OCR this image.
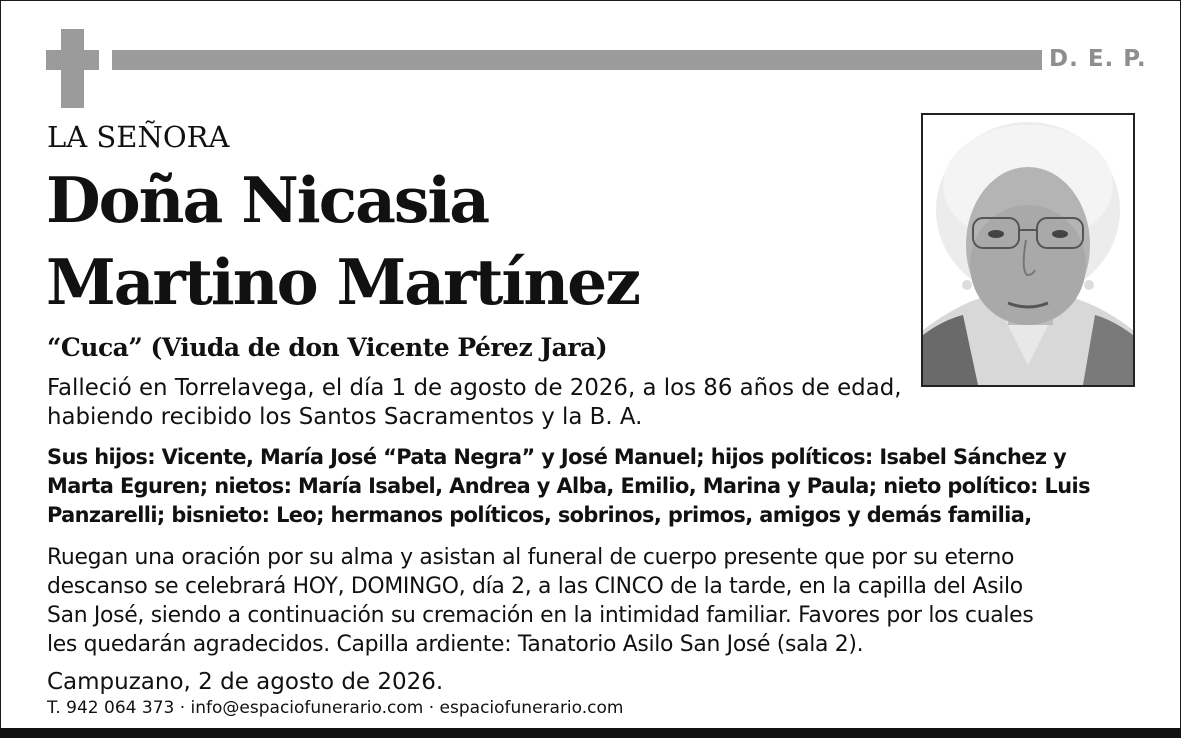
D. E. P.
LA SEÑORA
Doña Nicasia
Martino Martínez
“Cuca” (Viuda de don Vicente Pérez Jara)
Falleció en Torrelavega, el día 1 de agosto de 2026, a los 86 años de edad,
habiendo recibido los Santos Sacramentos y la B. A.
Sus hijos: Vicente, María José “Pata Negra” y José Manuel; hijos políticos: Isabel Sánchez y
Marta Eguren; nietos: María Isabel, Andrea y Alba, Emilio, Marina y Paula; nieto político: Luis
Panzarelli; bisnieto: Leo; hermanos políticos, sobrinos, primos, amigos y demás familia,
Ruegan una oración por su alma y asistan al funeral de cuerpo presente que por su eterno
descanso se celebrará HOY, DOMINGO, día 2, a las CINCO de la tarde, en la capilla del Asilo
San José, siendo a continuación su cremación en la intimidad familiar. Favores por los cuales
les quedarán agradecidos. Capilla ardiente: Tanatorio Asilo San José (sala 2).
Campuzano, 2 de agosto de 2026.
T. 942 064 373 · info@espaciofunerario.com · espaciofunerario.com
